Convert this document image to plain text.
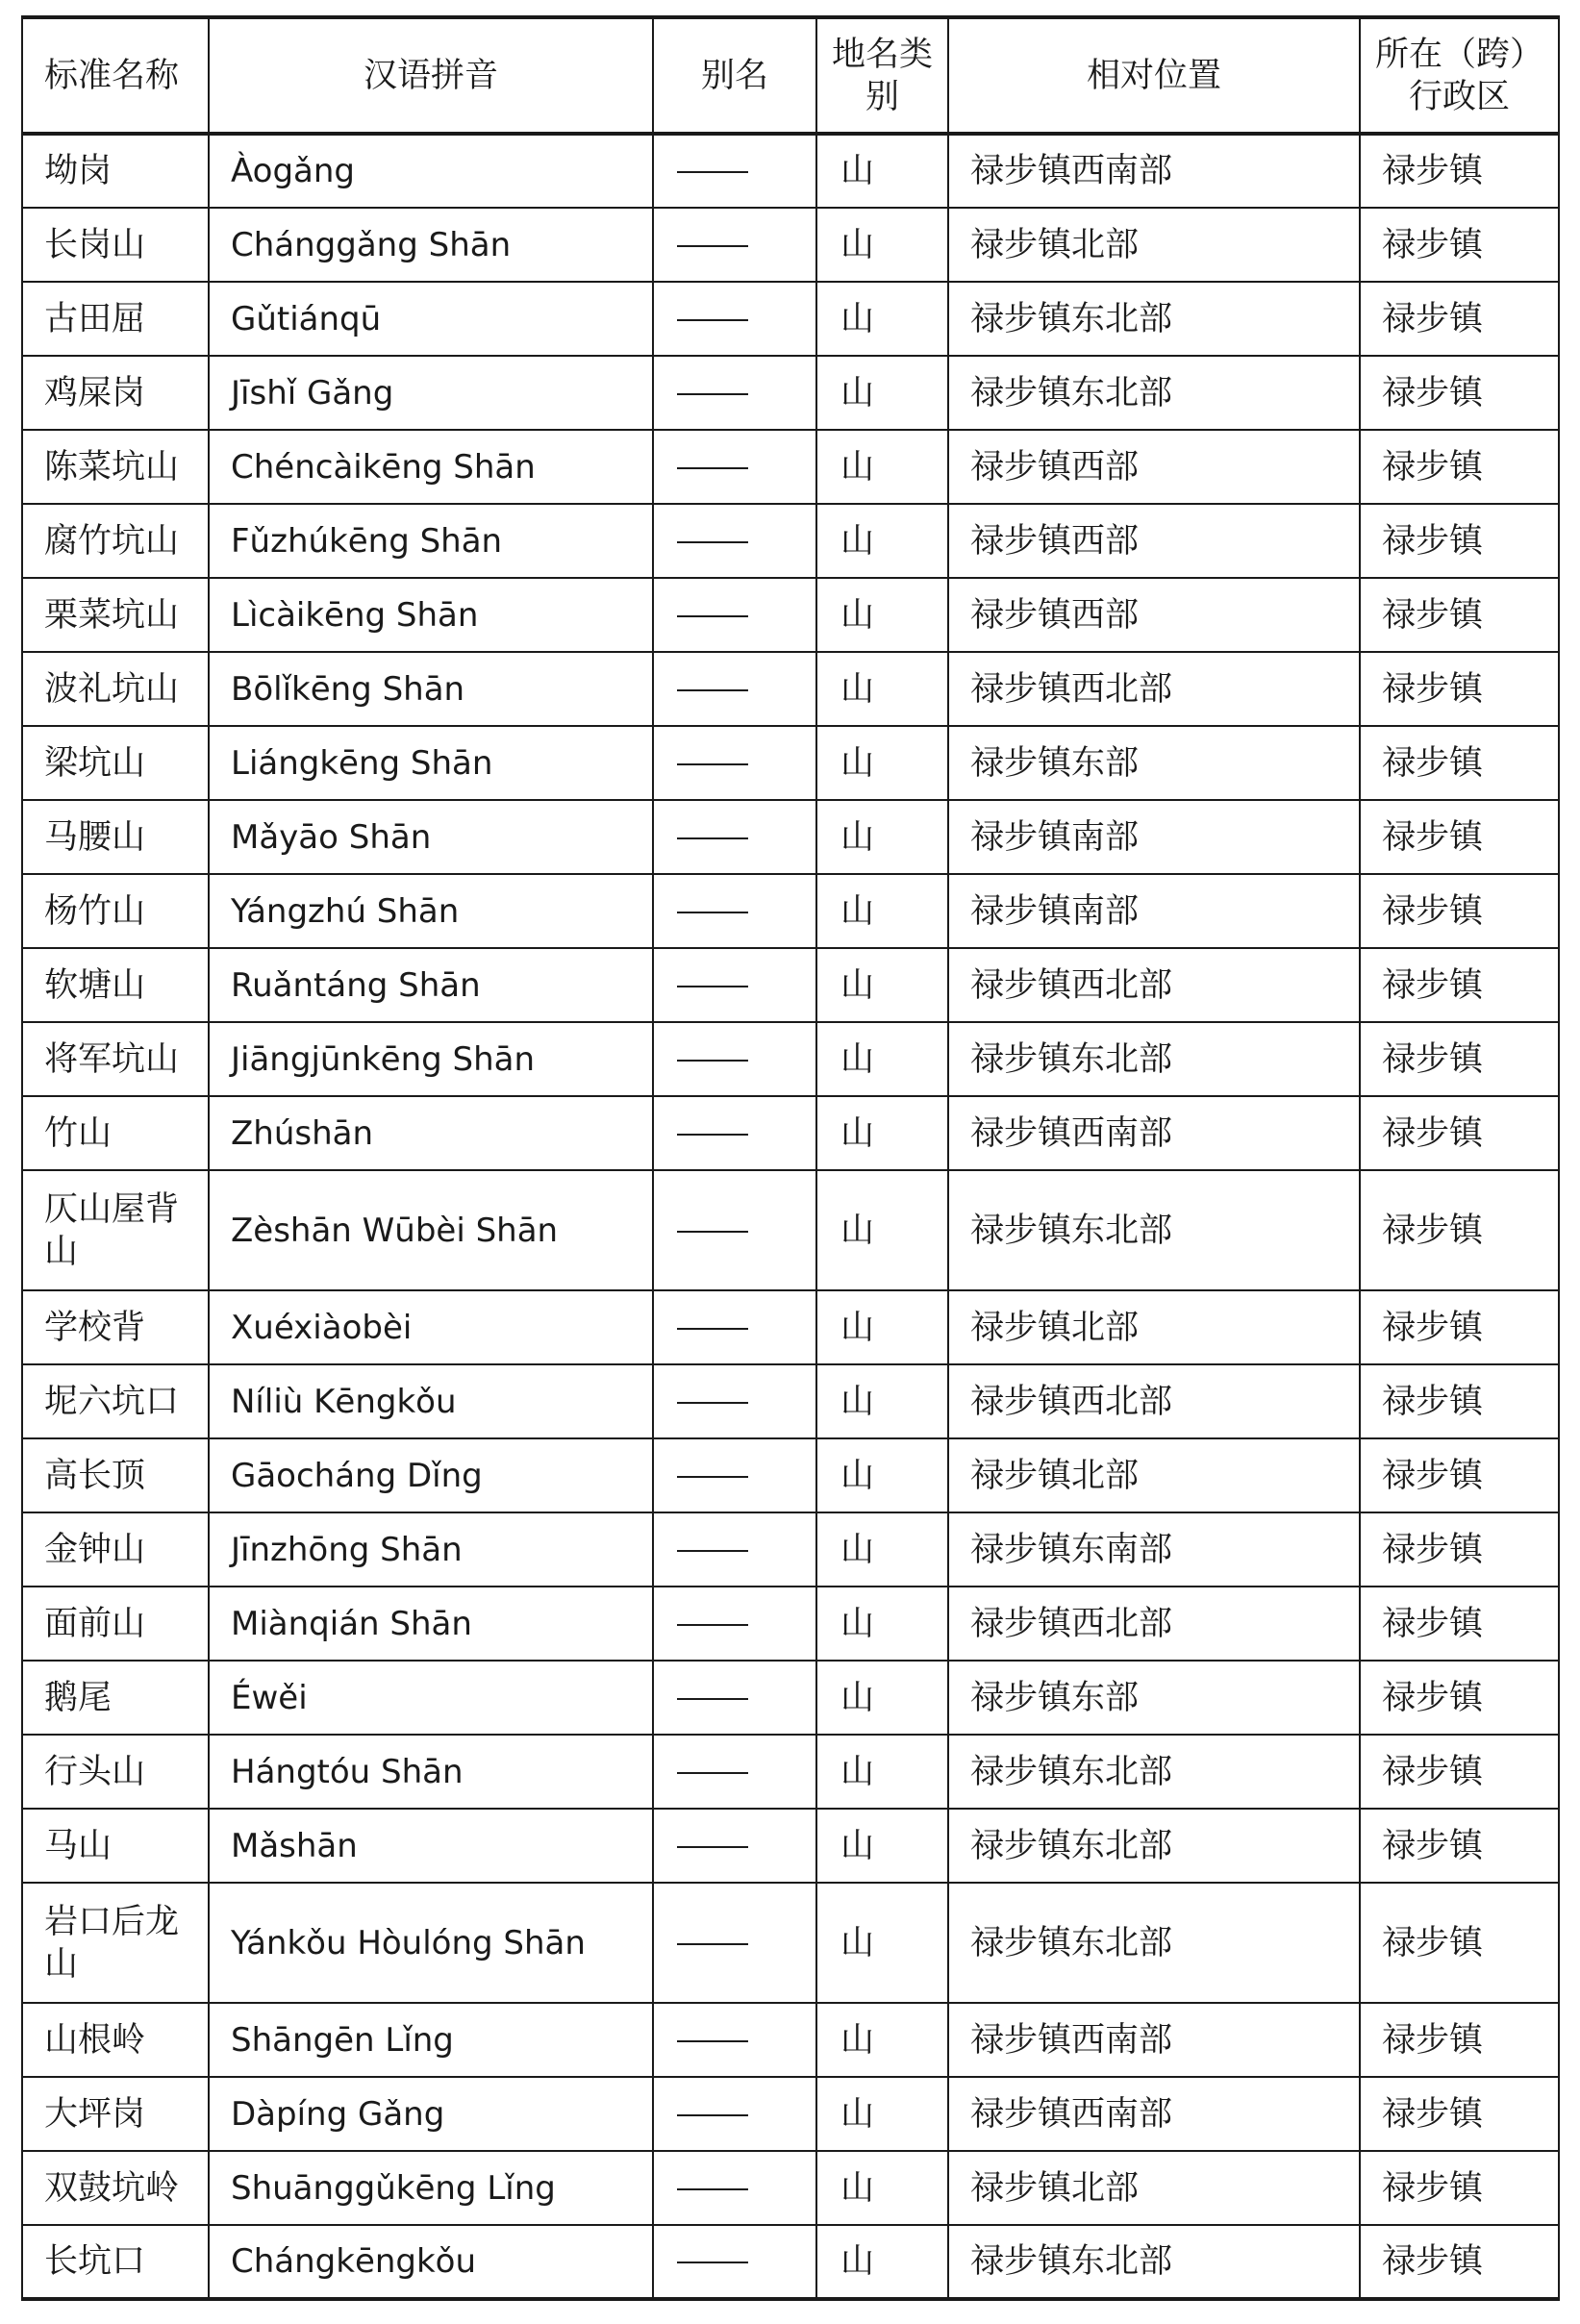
标准名称	汉语拼音	别名	地名类别	相对位置	所在（跨）行政区
坳岗	Àogǎng		山	禄步镇西南部	禄步镇
长岗山	Chánggǎng Shān		山	禄步镇北部	禄步镇
古田屈	Gǔtiánqū		山	禄步镇东北部	禄步镇
鸡屎岗	Jīshǐ Gǎng		山	禄步镇东北部	禄步镇
陈菜坑山	Chéncàikēng Shān		山	禄步镇西部	禄步镇
腐竹坑山	Fǔzhúkēng Shān		山	禄步镇西部	禄步镇
栗菜坑山	Lìcàikēng Shān		山	禄步镇西部	禄步镇
波礼坑山	Bōlǐkēng Shān		山	禄步镇西北部	禄步镇
梁坑山	Liángkēng Shān		山	禄步镇东部	禄步镇
马腰山	Mǎyāo Shān		山	禄步镇南部	禄步镇
杨竹山	Yángzhú Shān		山	禄步镇南部	禄步镇
软塘山	Ruǎntáng Shān		山	禄步镇西北部	禄步镇
将军坑山	Jiāngjūnkēng Shān		山	禄步镇东北部	禄步镇
竹山	Zhúshān		山	禄步镇西南部	禄步镇
仄山屋背山	Zèshān Wūbèi Shān		山	禄步镇东北部	禄步镇
学校背	Xuéxiàobèi		山	禄步镇北部	禄步镇
坭六坑口	Níliù Kēngkǒu		山	禄步镇西北部	禄步镇
高长顶	Gāocháng Dǐng		山	禄步镇北部	禄步镇
金钟山	Jīnzhōng Shān		山	禄步镇东南部	禄步镇
面前山	Miànqián Shān		山	禄步镇西北部	禄步镇
鹅尾	Éwěi		山	禄步镇东部	禄步镇
行头山	Hángtóu Shān		山	禄步镇东北部	禄步镇
马山	Mǎshān		山	禄步镇东北部	禄步镇
岩口后龙山	Yánkǒu Hòulóng Shān		山	禄步镇东北部	禄步镇
山根岭	Shāngēn Lǐng		山	禄步镇西南部	禄步镇
大坪岗	Dàpíng Gǎng		山	禄步镇西南部	禄步镇
双鼓坑岭	Shuānggǔkēng Lǐng		山	禄步镇北部	禄步镇
长坑口	Chángkēngkǒu		山	禄步镇东北部	禄步镇
